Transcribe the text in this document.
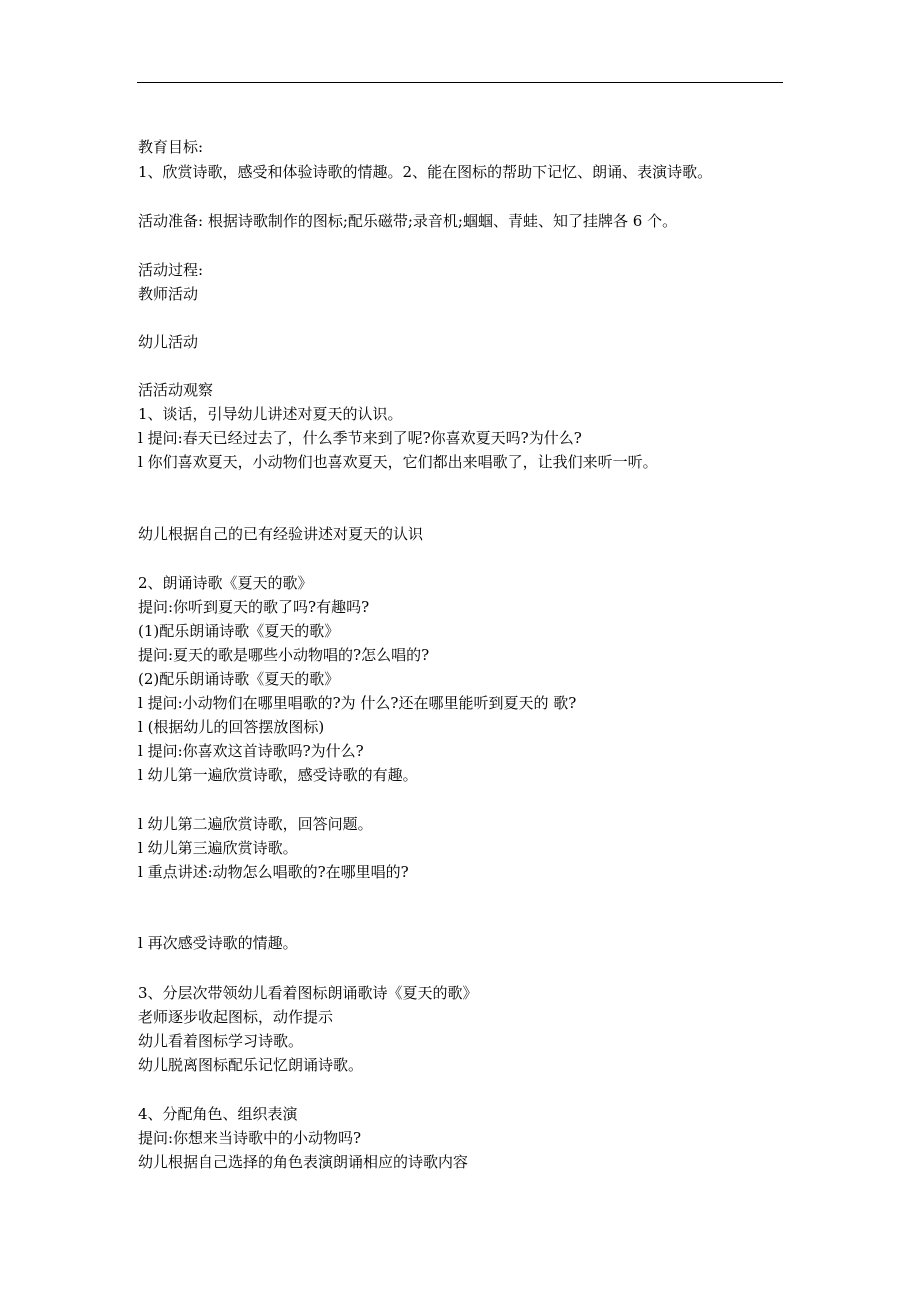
教育目标:
1、欣赏诗歌，感受和体验诗歌的情趣。2、能在图标的帮助下记忆、朗诵、表演诗歌。
活动准备: 根据诗歌制作的图标;配乐磁带;录音机;蝈蝈、青蛙、知了挂牌各 6 个。
活动过程:
教师活动
幼儿活动
活活动观察
1、谈话，引导幼儿讲述对夏天的认识。
l 提问:春天已经过去了，什么季节来到了呢?你喜欢夏天吗?为什么?
l 你们喜欢夏天，小动物们也喜欢夏天，它们都出来唱歌了，让我们来听一听。
幼儿根据自己的已有经验讲述对夏天的认识
2、朗诵诗歌《夏天的歌》
提问:你听到夏天的歌了吗?有趣吗?
(1)配乐朗诵诗歌《夏天的歌》
提问:夏天的歌是哪些小动物唱的?怎么唱的?
(2)配乐朗诵诗歌《夏天的歌》
l 提问:小动物们在哪里唱歌的?为 什么?还在哪里能听到夏天的 歌?
l (根据幼儿的回答摆放图标)
l 提问:你喜欢这首诗歌吗?为什么?
l 幼儿第一遍欣赏诗歌，感受诗歌的有趣。
l 幼儿第二遍欣赏诗歌，回答问题。
l 幼儿第三遍欣赏诗歌。
l 重点讲述:动物怎么唱歌的?在哪里唱的?
l 再次感受诗歌的情趣。
3、分层次带领幼儿看着图标朗诵歌诗《夏天的歌》
老师逐步收起图标，动作提示
幼儿看着图标学习诗歌。
幼儿脱离图标配乐记忆朗诵诗歌。
4、分配角色、组织表演
提问:你想来当诗歌中的小动物吗?
幼儿根据自己选择的角色表演朗诵相应的诗歌内容
